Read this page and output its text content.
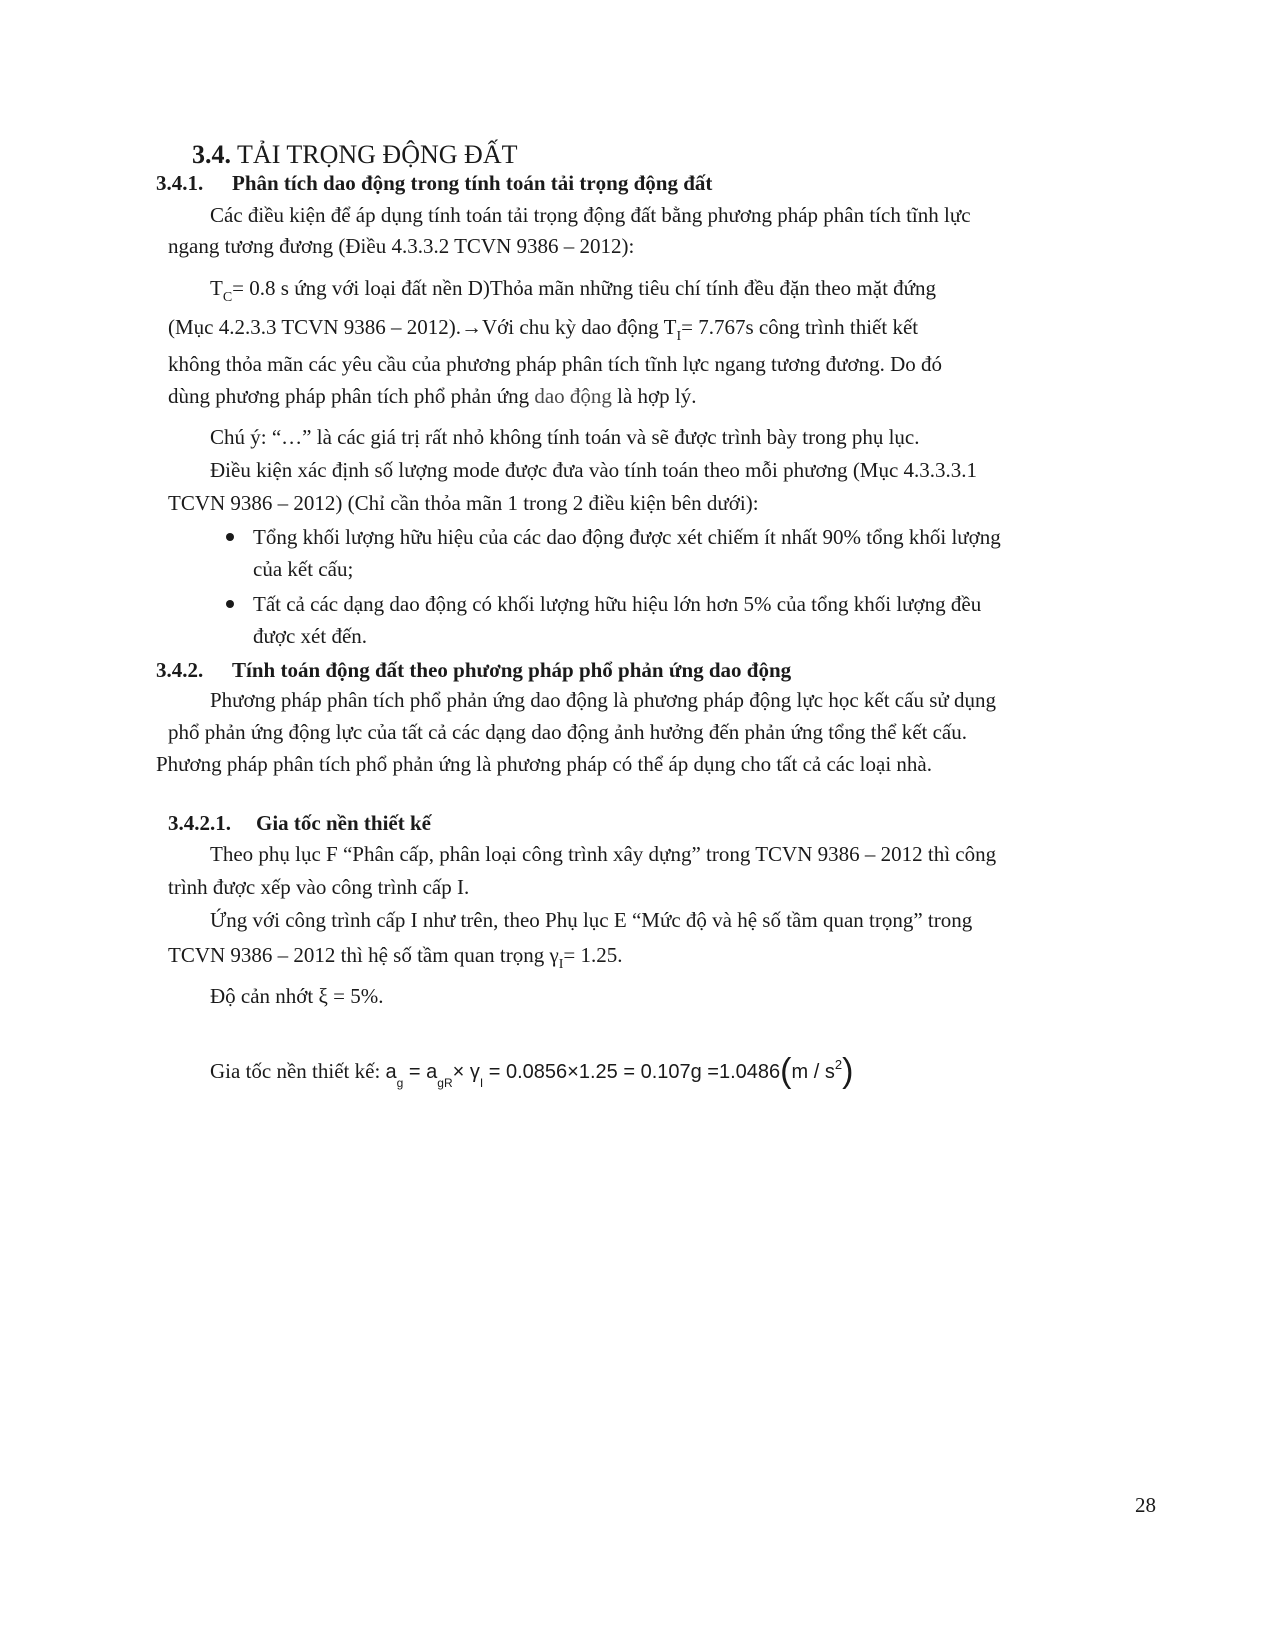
3.4. TẢI TRỌNG ĐỘNG ĐẤT
3.4.1. Phân tích dao động trong tính toán tải trọng động đất
Các điều kiện để áp dụng tính toán tải trọng động đất bằng phương pháp phân tích tĩnh lực
ngang tương đương (Điều 4.3.3.2 TCVN 9386 – 2012):
$T_C= 0.8$ s ứng với loại đất nền D)Thỏa mãn những tiêu chí tính đều đặn theo mặt đứng
(Mục 4.2.3.3 TCVN 9386 – 2012).→Với chu kỳ dao động $T_I= 7.767s$ công trình thiết kết
không thỏa mãn các yêu cầu của phương pháp phân tích tĩnh lực ngang tương đương. Do đó
dùng phương pháp phân tích phổ phản ứng dao động là hợp lý.
Chú ý: “…” là các giá trị rất nhỏ không tính toán và sẽ được trình bày trong phụ lục.
Điều kiện xác định số lượng mode được đưa vào tính toán theo mỗi phương (Mục 4.3.3.3.1
TCVN 9386 – 2012) (Chỉ cần thỏa mãn 1 trong 2 điều kiện bên dưới):
Tổng khối lượng hữu hiệu của các dao động được xét chiếm ít nhất 90% tổng khối lượng
của kết cấu;
Tất cả các dạng dao động có khối lượng hữu hiệu lớn hơn 5% của tổng khối lượng đều
được xét đến.
3.4.2. Tính toán động đất theo phương pháp phổ phản ứng dao động
Phương pháp phân tích phổ phản ứng dao động là phương pháp động lực học kết cấu sử dụng
phổ phản ứng động lực của tất cả các dạng dao động ảnh hưởng đến phản ứng tổng thể kết cấu.
Phương pháp phân tích phổ phản ứng là phương pháp có thể áp dụng cho tất cả các loại nhà.
3.4.2.1. Gia tốc nền thiết kế
Theo phụ lục F “Phân cấp, phân loại công trình xây dựng” trong TCVN 9386 – 2012 thì công
trình được xếp vào công trình cấp I.
Ứng với công trình cấp I như trên, theo Phụ lục E “Mức độ và hệ số tầm quan trọng” trong
TCVN 9386 – 2012 thì hệ số tầm quan trọng $\gamma_I= 1.25$.
Độ cản nhớt ξ = 5%.
Gia tốc nền thiết kế: $a_g = a_{gR}\times \gamma_I = 0.0856\times 1.25 = 0.107g =1.0486(m / s^2)$
28
